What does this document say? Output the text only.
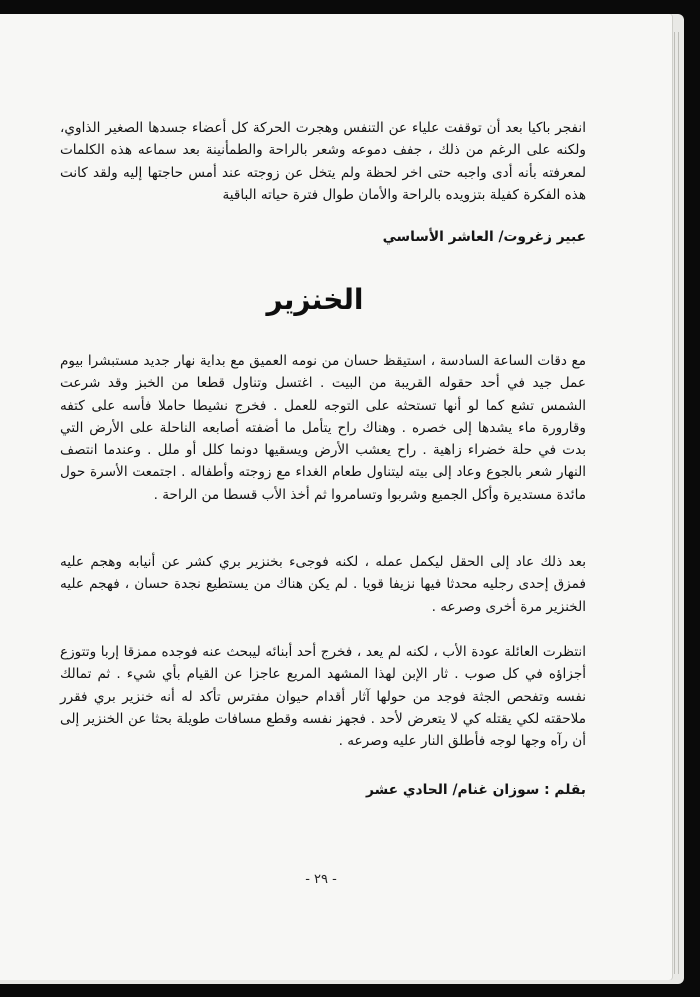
انفجر باكيا بعد أن توقفت علياء عن التنفس وهجرت الحركة كل أعضاء جسدها الصغير الذاوي، ولكنه على الرغم من ذلك ، جفف دموعه وشعر بالراحة والطمأنينة بعد سماعه هذه الكلمات لمعرفته بأنه أدى واجبه حتى اخر لحظة ولم يتخل عن زوجته عند أمس حاجتها إليه ولقد كانت هذه الفكرة كفيلة بتزويده بالراحة والأمان طوال فترة حياته الباقية

عبير زغروت/ العاشر الأساسي

مع دقات الساعة السادسة ، استيقظ حسان من نومه العميق مع بداية نهار جديد مستبشرا بيوم عمل جيد في أحد حقوله القريبة من البيت . اغتسل وتناول قطعا من الخبز وقد شرعت الشمس تشع كما لو أنها تستحثه على التوجه للعمل . فخرج نشيطا حاملا فأسه على كتفه وقارورة ماء يشدها إلى خصره . وهناك راح يتأمل ما أضفته أصابعه الناحلة على الأرض التي بدت في حلة خضراء زاهية . راح يعشب الأرض ويسقيها دونما كلل أو ملل . وعندما انتصف النهار شعر بالجوع وعاد إلى بيته ليتناول طعام الغداء مع زوجته وأطفاله . اجتمعت الأسرة حول مائدة مستديرة وأكل الجميع وشربوا وتسامروا ثم أخذ الأب قسطا من الراحة .

بعد ذلك عاد إلى الحقل ليكمل عمله ، لكنه فوجىء بخنزير بري كشر عن أنيابه وهجم عليه فمزق إحدى رجليه محدثا فيها نزيفا قويا . لم يكن هناك من يستطيع نجدة حسان ، فهجم عليه الخنزير مرة أخرى وصرعه .

انتظرت العائلة عودة الأب ، لكنه لم يعد ، فخرج أحد أبنائه ليبحث عنه فوجده ممزقا إربا وتتوزع أجزاؤه في كل صوب . ثار الإبن لهذا المشهد المريع عاجزا عن القيام بأي شيء . ثم تمالك نفسه وتفحص الجثة فوجد من حولها آثار أقدام حيوان مفترس تأكد له أنه خنزير بري فقرر ملاحقته لكي يقتله كي لا يتعرض لأحد . فجهز نفسه وقطع مسافات طويلة بحثا عن الخنزير إلى أن رآه وجها لوجه فأطلق النار عليه وصرعه .

بقلم : سوزان غنام/ الحادي عشر
الخنزير
- ٢٩ -
